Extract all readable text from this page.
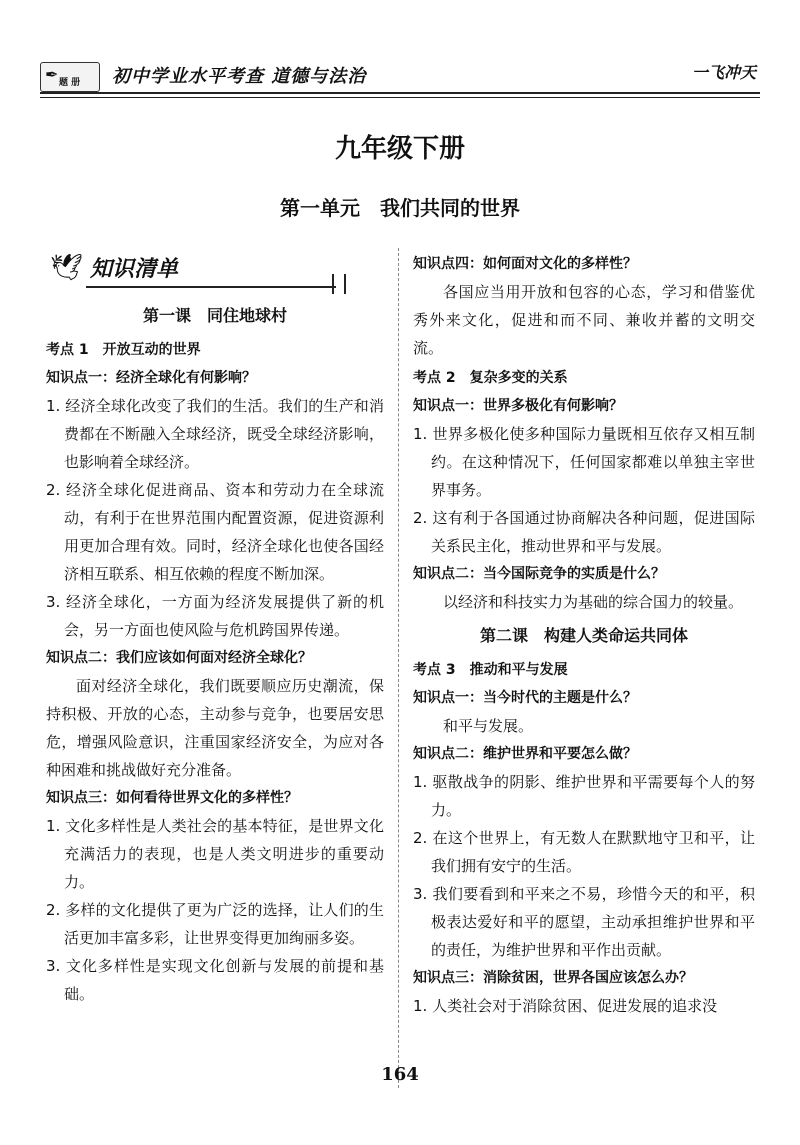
✒ 题 册 初中学业水平考查 道德与法治	一飞冲天
九年级下册
第一单元　我们共同的世界
🕊 知识清单
第一课　同住地球村
考点 1 开放互动的世界
知识点一：经济全球化有何影响？

1. 经济全球化改变了我们的生活。我们的生产和消费都在不断融入全球经济，既受全球经济影响，也影响着全球经济。

2. 经济全球化促进商品、资本和劳动力在全球流动，有利于在世界范围内配置资源，促进资源利用更加合理有效。同时，经济全球化也使各国经济相互联系、相互依赖的程度不断加深。

3. 经济全球化，一方面为经济发展提供了新的机会，另一方面也使风险与危机跨国界传递。

知识点二：我们应该如何面对经济全球化？

面对经济全球化，我们既要顺应历史潮流，保持积极、开放的心态，主动参与竞争，也要居安思危，增强风险意识，注重国家经济安全，为应对各种困难和挑战做好充分准备。

知识点三：如何看待世界文化的多样性？

1. 文化多样性是人类社会的基本特征，是世界文化充满活力的表现，也是人类文明进步的重要动力。

2. 多样的文化提供了更为广泛的选择，让人们的生活更加丰富多彩，让世界变得更加绚丽多姿。

3. 文化多样性是实现文化创新与发展的前提和基础。

知识点四：如何面对文化的多样性？

各国应当用开放和包容的心态，学习和借鉴优秀外来文化，促进和而不同、兼收并蓄的文明交流。

考点 2 复杂多变的关系
知识点一：世界多极化有何影响？

1. 世界多极化使多种国际力量既相互依存又相互制约。在这种情况下，任何国家都难以单独主宰世界事务。

2. 这有利于各国通过协商解决各种问题，促进国际关系民主化，推动世界和平与发展。

知识点二：当今国际竞争的实质是什么？

以经济和科技实力为基础的综合国力的较量。

第二课　构建人类命运共同体
考点 3 推动和平与发展
知识点一：当今时代的主题是什么？

和平与发展。

知识点二：维护世界和平要怎么做？

1. 驱散战争的阴影、维护世界和平需要每个人的努力。

2. 在这个世界上，有无数人在默默地守卫和平，让我们拥有安宁的生活。

3. 我们要看到和平来之不易，珍惜今天的和平，积极表达爱好和平的愿望，主动承担维护世界和平的责任，为维护世界和平作出贡献。

知识点三：消除贫困，世界各国应该怎么办？

1. 人类社会对于消除贫困、促进发展的追求没

164
